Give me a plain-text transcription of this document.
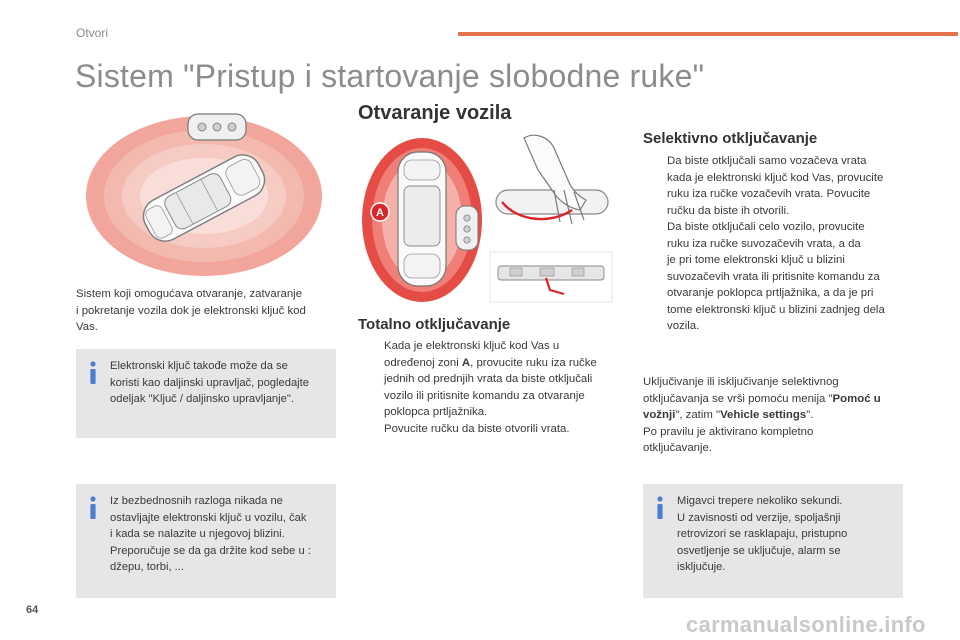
Otvori
Sistem "Pristup i startovanje slobodne ruke"
Sistem koji omogućava otvaranje, zatvaranje
i pokretanje vozila dok je elektronski ključ kod
Vas.
Elektronski ključ takođe može da se
koristi kao daljinski upravljač, pogledajte
odeljak "Ključ / daljinsko upravljanje".
Iz bezbednosnih razloga nikada ne
ostavljajte elektronski ključ u vozilu, čak
i kada se nalazite u njegovoj blizini.
Preporučuje se da ga držite kod sebe u :
džepu, torbi, ...
Otvaranje vozila
A
Totalno otključavanje
Kada je elektronski ključ kod Vas u
određenoj zoni A, provucite ruku iza ručke
jednih od prednjih vrata da biste otključali
vozilo ili pritisnite komandu za otvaranje
poklopca prtljažnika.
Povucite ručku da biste otvorili vrata.
Selektivno otključavanje
Da biste otključali samo vozačeva vrata
kada je elektronski ključ kod Vas, provucite
ruku iza ručke vozačevih vrata. Povucite
ručku da biste ih otvorili.
Da biste otključali celo vozilo, provucite
ruku iza ručke suvozačevih vrata, a da
je pri tome elektronski ključ u blizini
suvozačevih vrata ili pritisnite komandu za
otvaranje poklopca prtljažnika, a da je pri
tome elektronski ključ u blizini zadnjeg dela
vozila.
Uključivanje ili isključivanje selektivnog
otključavanja se vrši pomoću menija "Pomoć u
vožnji", zatim "Vehicle settings".
Po pravilu je aktivirano kompletno
otključavanje.
Migavci trepere nekoliko sekundi.
U zavisnosti od verzije, spoljašnji
retrovizori se rasklapaju, pristupno
osvetljenje se uključuje, alarm se
isključuje.
64
carmanualsonline.info
